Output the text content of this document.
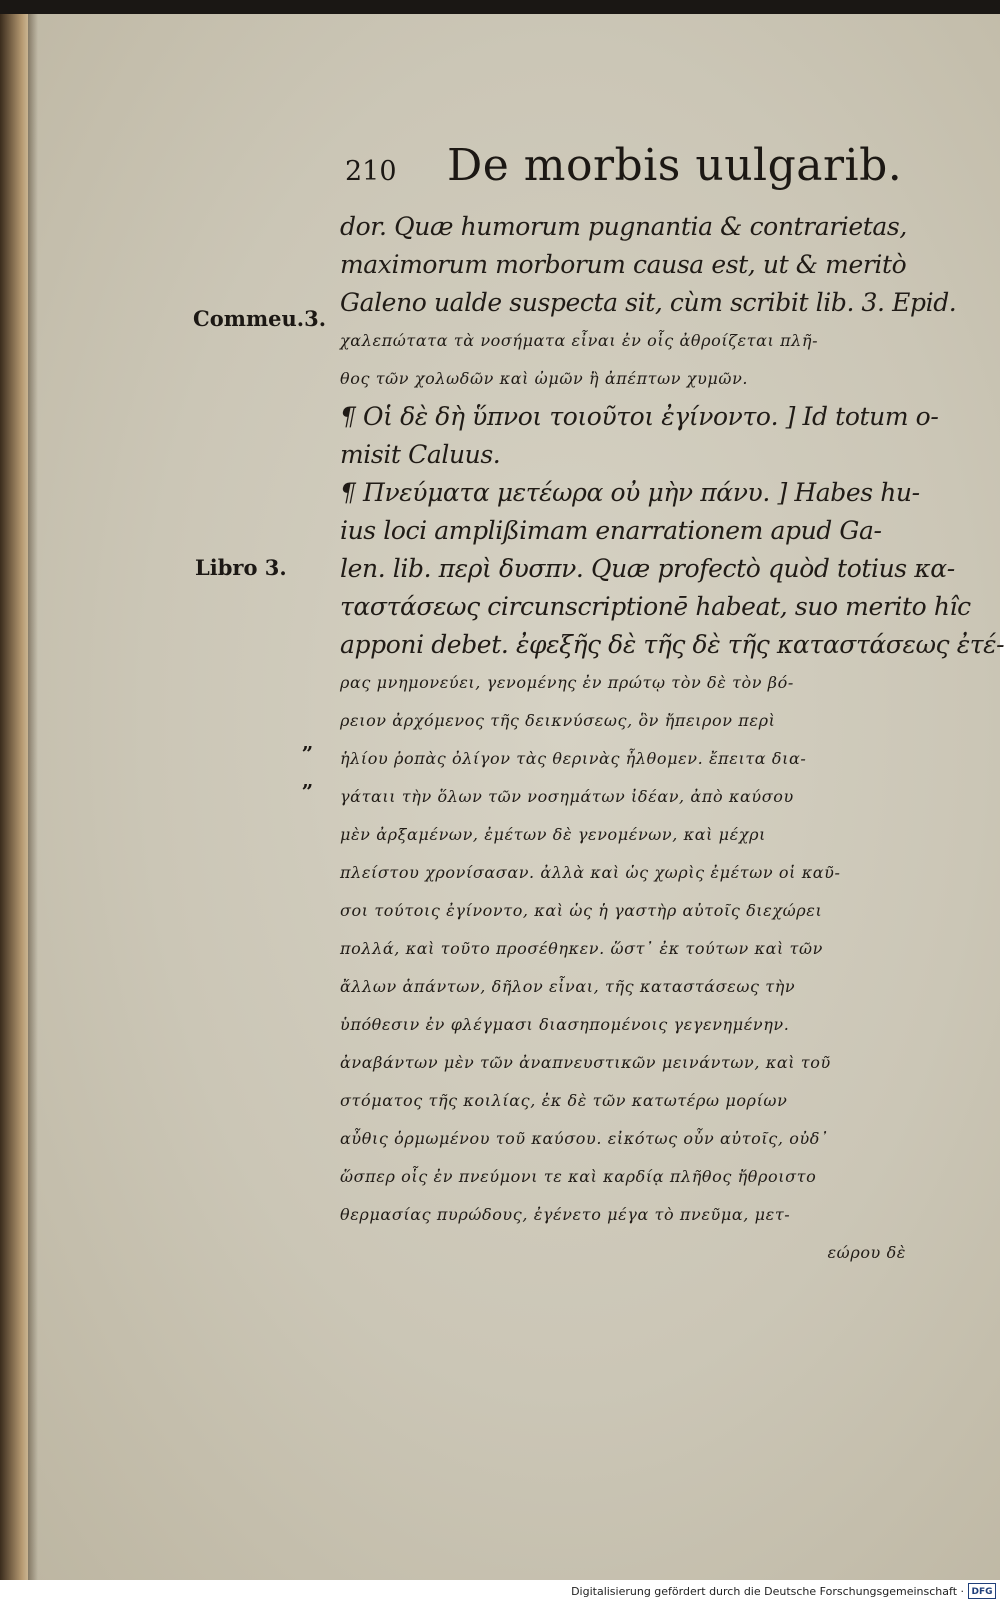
210 De morbis uulgarib.
Commeu.3.
Libro 3.
„
„
dor. Quæ humorum pugnantia & contrarietas,
maximorum morborum causa est, ut & meritò
Galeno ualde suspecta sit, cùm scribit lib. 3. Epid.
χαλεπώτατα τὰ νοσήματα εἶναι ἐν οἷς ἀθροίζεται πλῆ-
θος τῶν χολωδῶν καὶ ὠμῶν ἢ ἀπέπτων χυμῶν.
¶ Οἱ δὲ δὴ ὕπνοι τοιοῦτοι ἐγίνοντο. ] Id totum o-
misit Caluus.
¶ Πνεύματα μετέωρα οὐ μὴν πάνυ. ] Habes hu-
ius loci amplißimam enarrationem apud Ga-
len. lib. περὶ δυσπν. Quæ profectò quòd totius κα-
ταστάσεως circunscriptionē habeat, suo merito hîc
apponi debet. ἐφεξῆς δὲ τῆς δὲ τῆς καταστάσεως ἐτέ-
ρας μνημονεύει, γενομένης ἐν πρώτῳ τὸν δὲ τὸν βό-
ρειον ἀρχόμενος τῆς δεικνύσεως, ὃν ἤπειρον περὶ
ἡλίου ῥοπὰς ὀλίγον τὰς θερινὰς ἦλθομεν. ἔπειτα δια-
γάταιι τὴν ὅλων τῶν νοσημάτων ἰδέαν, ἀπὸ καύσου
μὲν ἀρξαμένων, ἐμέτων δὲ γενομένων, καὶ μέχρι
πλείστου χρονίσασαν. ἀλλὰ καὶ ὡς χωρὶς ἐμέτων οἱ καῦ-
σοι τούτοις ἐγίνοντο, καὶ ὡς ἡ γαστὴρ αὐτοῖς διεχώρει
πολλά, καὶ τοῦτο προσέθηκεν. ὥστ᾽ ἐκ τούτων καὶ τῶν
ἄλλων ἁπάντων, δῆλον εἶναι, τῆς καταστάσεως τὴν
ὑπόθεσιν ἐν φλέγμασι διασηπομένοις γεγενημένην.
ἀναβάντων μὲν τῶν ἀναπνευστικῶν μεινάντων, καὶ τοῦ
στόματος τῆς κοιλίας, ἐκ δὲ τῶν κατωτέρω μορίων
αὖθις ὁρμωμένου τοῦ καύσου. εἰκότως οὖν αὐτοῖς, οὐδ᾽
ὥσπερ οἷς ἐν πνεύμονι τε καὶ καρδίᾳ πλῆθος ἤθροιστο
θερμασίας πυρώδους, ἐγένετο μέγα τὸ πνεῦμα, μετ-
εώρου δὲ
Digitalisierung gefördert durch die Deutsche Forschungsgemeinschaft · DFG
